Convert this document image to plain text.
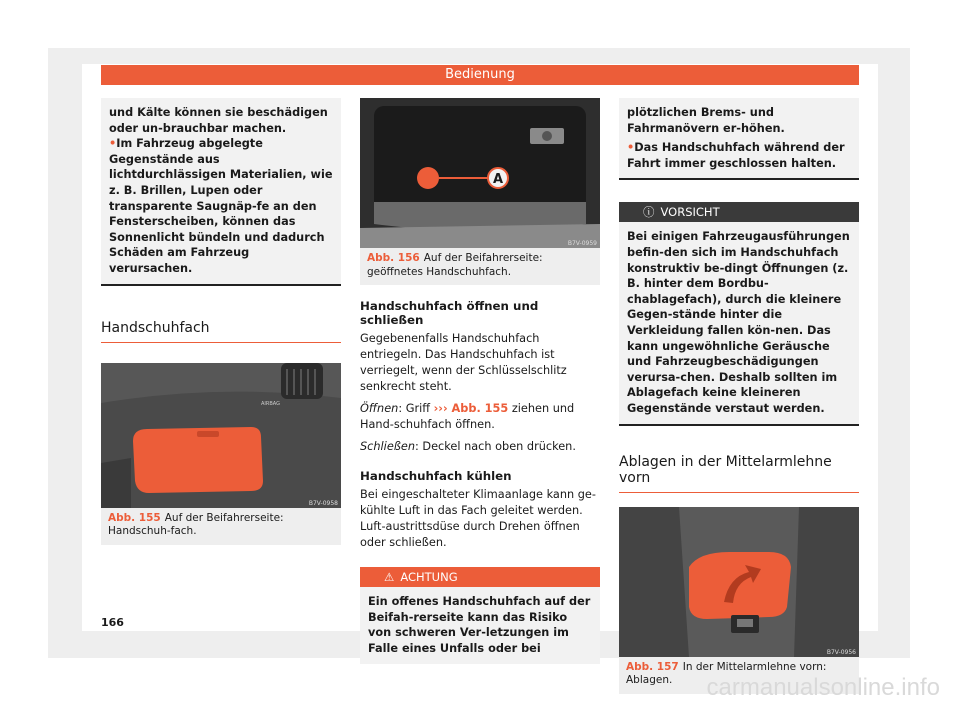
Bedienung
und Kälte können sie beschädigen oder un-brauchbar machen.
• Im Fahrzeug abgelegte Gegenstände aus lichtdurchlässigen Materialien, wie z. B. Brillen, Lupen oder transparente Saugnäp-fe an den Fensterscheiben, können das Sonnenlicht bündeln und dadurch Schäden am Fahrzeug verursachen.
Handschuhfach
AIRBAG
B7V-0958
Abb. 155 Auf der Beifahrerseite: Handschuh-fach.
A
B7V-0959
Abb. 156 Auf der Beifahrerseite: geöffnetes Handschuhfach.
Handschuhfach öffnen und schließen
Gegebenenfalls Handschuhfach entriegeln. Das Handschuhfach ist verriegelt, wenn der Schlüsselschlitz senkrecht steht.
Öffnen: Griff ››› Abb. 155 ziehen und Hand-schuhfach öffnen.
Schließen: Deckel nach oben drücken.
Handschuhfach kühlen
Bei eingeschalteter Klimaanlage kann ge-kühlte Luft in das Fach geleitet werden. Luft-austrittsdüse durch Drehen öffnen oder schließen.
⚠ ACHTUNG
Ein offenes Handschuhfach auf der Beifah-rerseite kann das Risiko von schweren Ver-letzungen im Falle eines Unfalls oder bei
plötzlichen Brems- und Fahrmanövern er-höhen.
• Das Handschuhfach während der Fahrt immer geschlossen halten.
ⓘ VORSICHT
Bei einigen Fahrzeugausführungen befin-den sich im Handschuhfach konstruktiv be-dingt Öffnungen (z. B. hinter dem Bordbu-chablagefach), durch die kleinere Gegen-stände hinter die Verkleidung fallen kön-nen. Das kann ungewöhnliche Geräusche und Fahrzeugbeschädigungen verursa-chen. Deshalb sollten im Ablagefach keine kleineren Gegenstände verstaut werden.
Ablagen in der Mittelarmlehne vorn
B7V-0956
Abb. 157 In der Mittelarmlehne vorn: Ablagen.
166
carmanualsonline.info
